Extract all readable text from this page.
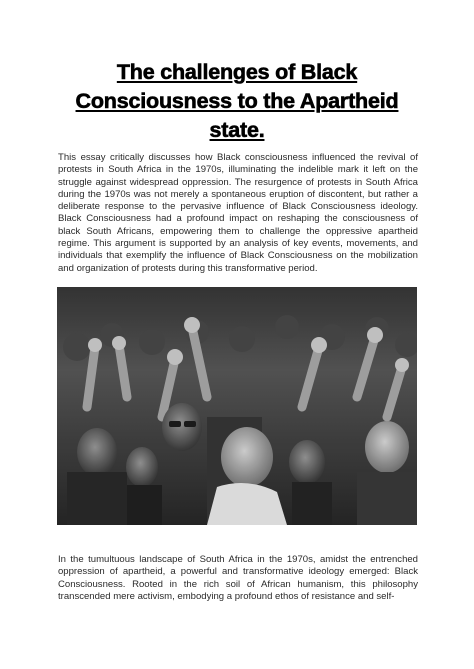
The challenges of Black
Consciousness to the Apartheid
state.

This essay critically discusses how Black consciousness influenced the revival of protests in South Africa in the 1970s, illuminating the indelible mark it left on the struggle against widespread oppression. The resurgence of protests in South Africa during the 1970s was not merely a spontaneous eruption of discontent, but rather a deliberate response to the pervasive influence of Black Consciousness ideology. Black Consciousness had a profound impact on reshaping the consciousness of black South Africans, empowering them to challenge the oppressive apartheid regime. This argument is supported by an analysis of key events, movements, and individuals that exemplify the influence of Black Consciousness on the mobilization and organization of protests during this transformative period.

In the tumultuous landscape of South Africa in the 1970s, amidst the entrenched oppression of apartheid, a powerful and transformative ideology emerged: Black Consciousness. Rooted in the rich soil of African humanism, this philosophy transcended mere activism, embodying a profound ethos of resistance and self-
